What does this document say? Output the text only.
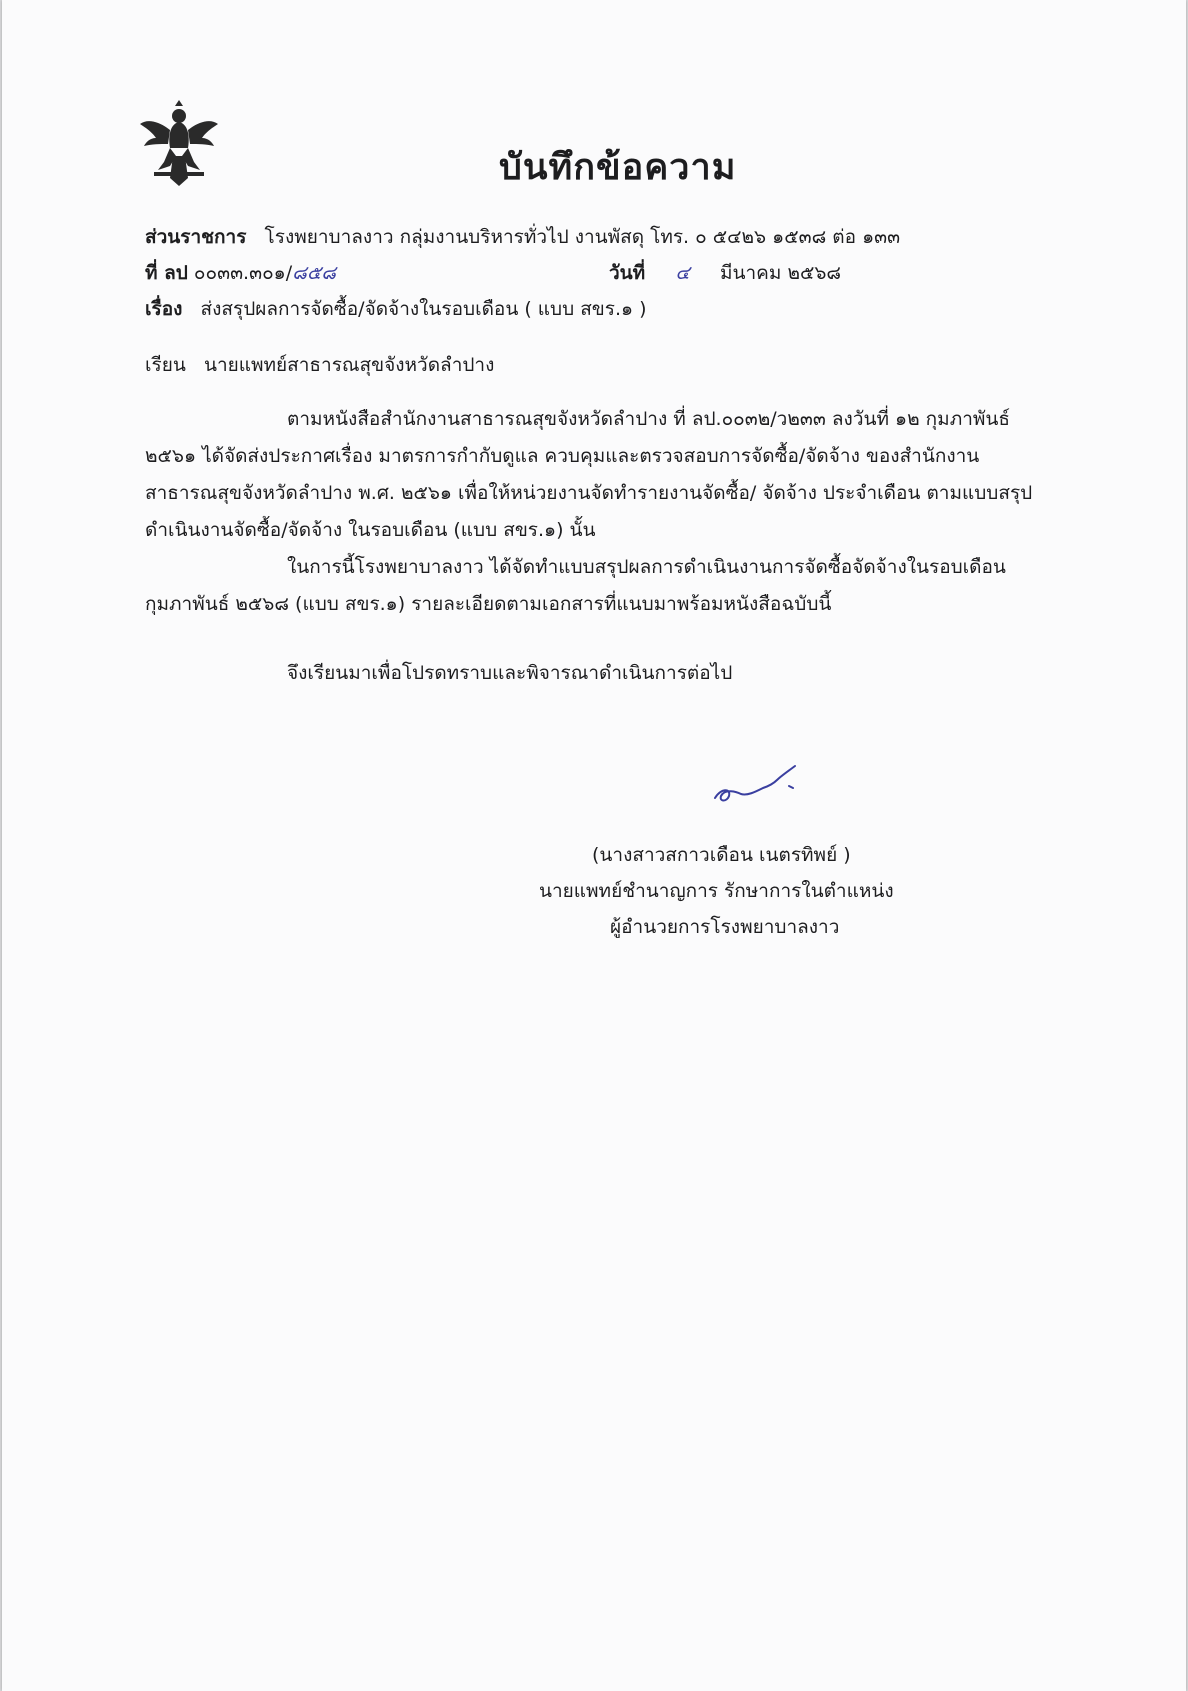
บันทึกข้อความ
ส่วนราชการ โรงพยาบาลงาว กลุ่มงานบริหารทั่วไป งานพัสดุ โทร. ๐ ๕๔๒๖ ๑๕๓๘ ต่อ ๑๓๓
ที่ ลป ๐๐๓๓.๓๐๑/๘๕๘	วันที่ ๔ มีนาคม ๒๕๖๘
เรื่อง ส่งสรุปผลการจัดซื้อ/จัดจ้างในรอบเดือน ( แบบ สขร.๑ )
เรียน นายแพทย์สาธารณสุขจังหวัดลำปาง
ตามหนังสือสำนักงานสาธารณสุขจังหวัดลำปาง ที่ ลป.๐๐๓๒/ว๒๓๓ ลงวันที่ ๑๒ กุมภาพันธ์
๒๕๖๑ ได้จัดส่งประกาศเรื่อง มาตรการกำกับดูแล ควบคุมและตรวจสอบการจัดซื้อ/จัดจ้าง ของสำนักงาน
สาธารณสุขจังหวัดลำปาง พ.ศ. ๒๕๖๑ เพื่อให้หน่วยงานจัดทำรายงานจัดซื้อ/ จัดจ้าง ประจำเดือน ตามแบบสรุป
ดำเนินงานจัดซื้อ/จัดจ้าง ในรอบเดือน (แบบ สขร.๑) นั้น
ในการนี้โรงพยาบาลงาว ได้จัดทำแบบสรุปผลการดำเนินงานการจัดซื้อจัดจ้างในรอบเดือน
กุมภาพันธ์ ๒๕๖๘ (แบบ สขร.๑) รายละเอียดตามเอกสารที่แนบมาพร้อมหนังสือฉบับนี้
จึงเรียนมาเพื่อโปรดทราบและพิจารณาดำเนินการต่อไป
(นางสาวสกาวเดือน เนตรทิพย์ )
นายแพทย์ชำนาญการ รักษาการในตำแหน่ง
ผู้อำนวยการโรงพยาบาลงาว
